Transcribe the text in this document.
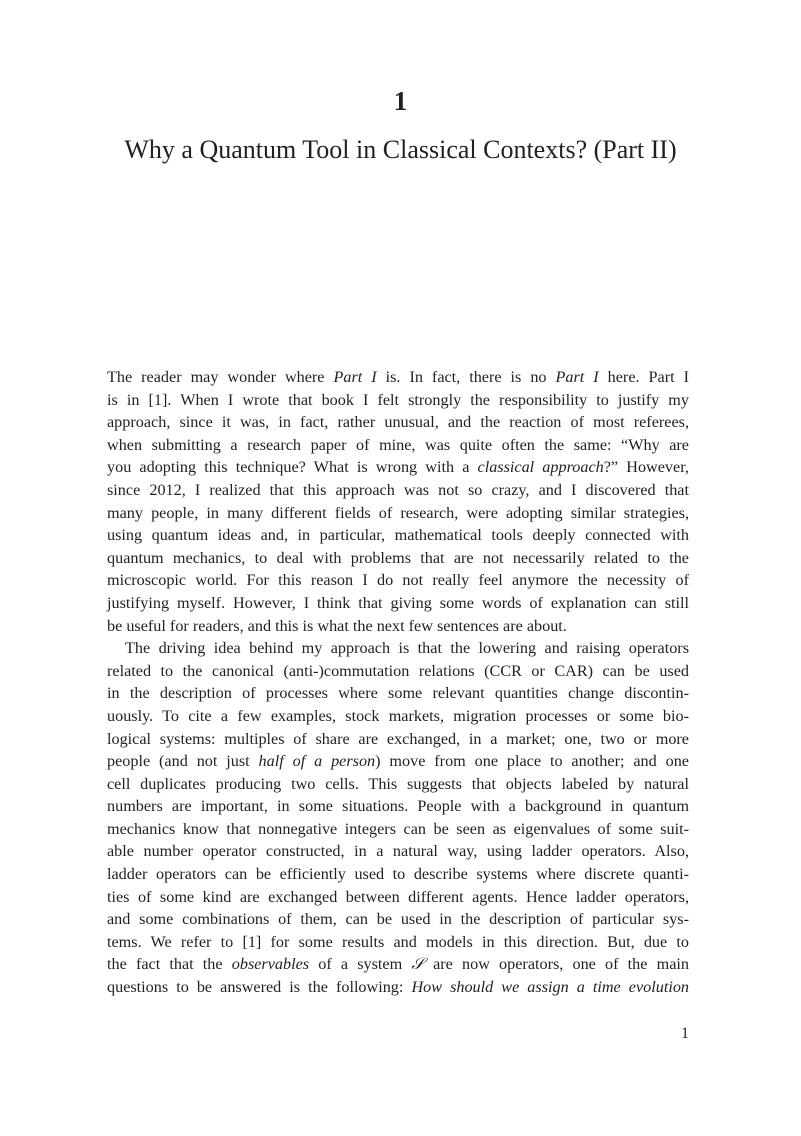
1
Why a Quantum Tool in Classical Contexts? (Part II)
The reader may wonder where Part I is. In fact, there is no Part I here. Part I
is in [1]. When I wrote that book I felt strongly the responsibility to justify my
approach, since it was, in fact, rather unusual, and the reaction of most referees,
when submitting a research paper of mine, was quite often the same: “Why are
you adopting this technique? What is wrong with a classical approach?” However,
since 2012, I realized that this approach was not so crazy, and I discovered that
many people, in many different fields of research, were adopting similar strategies,
using quantum ideas and, in particular, mathematical tools deeply connected with
quantum mechanics, to deal with problems that are not necessarily related to the
microscopic world. For this reason I do not really feel anymore the necessity of
justifying myself. However, I think that giving some words of explanation can still
be useful for readers, and this is what the next few sentences are about.
The driving idea behind my approach is that the lowering and raising operators
related to the canonical (anti-)commutation relations (CCR or CAR) can be used
in the description of processes where some relevant quantities change discontin-
uously. To cite a few examples, stock markets, migration processes or some bio-
logical systems: multiples of share are exchanged, in a market; one, two or more
people (and not just half of a person) move from one place to another; and one
cell duplicates producing two cells. This suggests that objects labeled by natural
numbers are important, in some situations. People with a background in quantum
mechanics know that nonnegative integers can be seen as eigenvalues of some suit-
able number operator constructed, in a natural way, using ladder operators. Also,
ladder operators can be efficiently used to describe systems where discrete quanti-
ties of some kind are exchanged between different agents. Hence ladder operators,
and some combinations of them, can be used in the description of particular sys-
tems. We refer to [1] for some results and models in this direction. But, due to
the fact that the observables of a system 𝒮 are now operators, one of the main
questions to be answered is the following: How should we assign a time evolution
1
